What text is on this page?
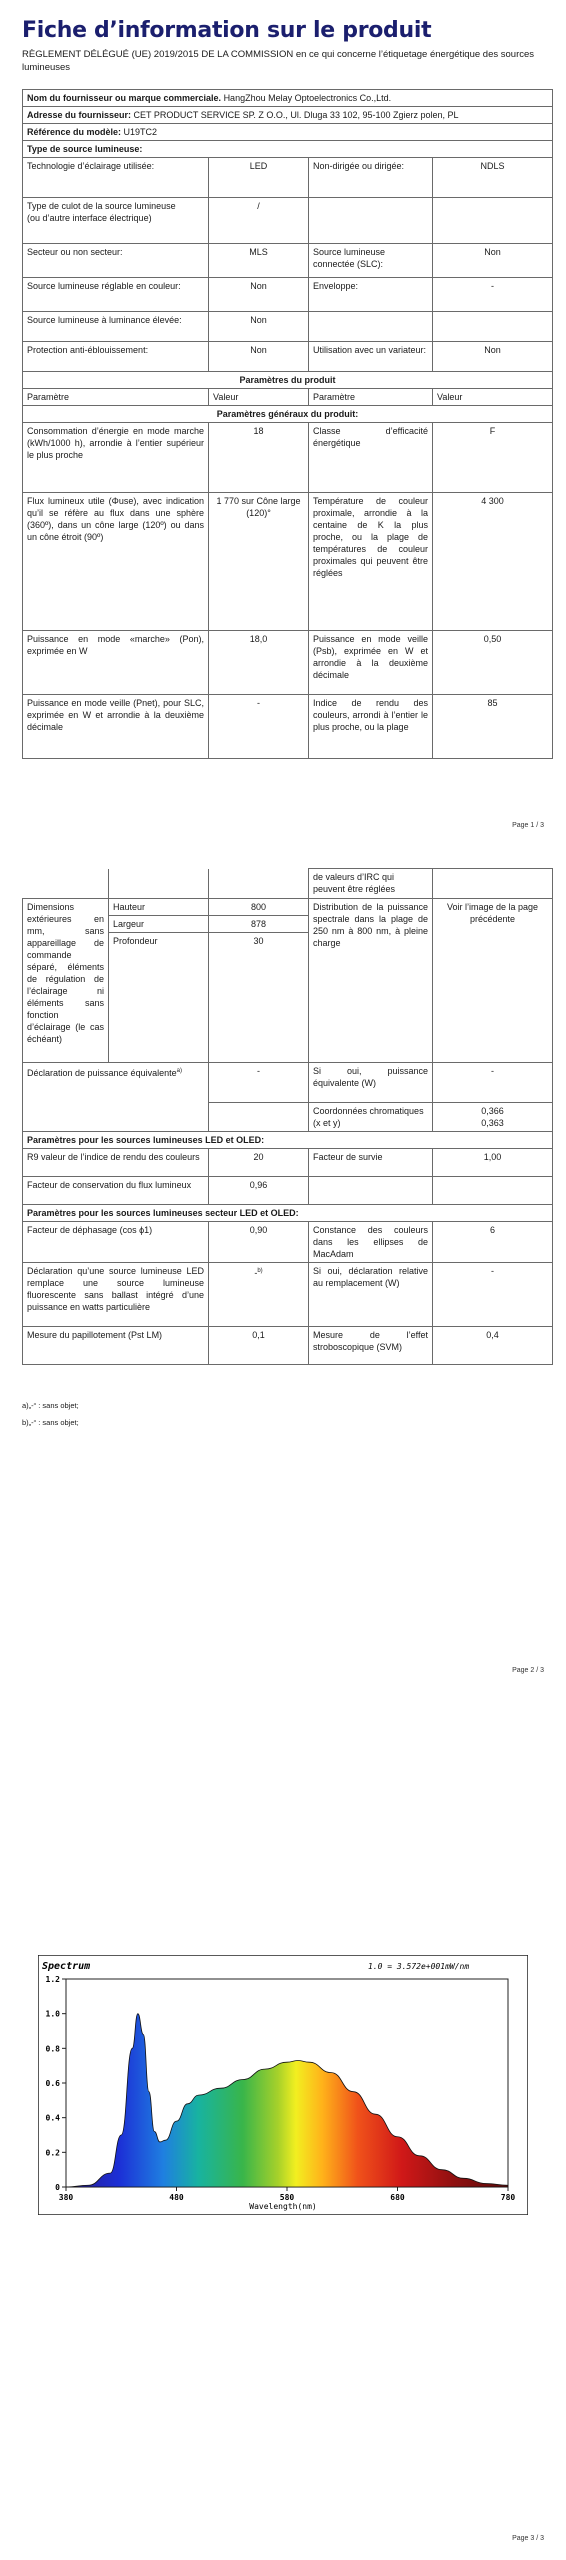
Fiche d’information sur le produit
RÈGLEMENT DÉLÉGUÉ (UE) 2019/2015 DE LA COMMISSION en ce qui concerne l’étiquetage énergétique des sources lumineuses
Nom du fournisseur ou marque commerciale. HangZhou Melay Optoelectronics Co.,Ltd.			
Adresse du fournisseur: CET PRODUCT SERVICE SP. Z O.O., Ul. Dluga 33 102, 95-100 Zgierz polen, PL			
Référence du modèle: U19TC2			
Type de source lumineuse:			
Technologie d’éclairage utilisée:	LED	Non-dirigée ou dirigée:	NDLS
Type de culot de la source lumineuse
(ou d’autre interface électrique)	/		
Secteur ou non secteur:	MLS	Source lumineuse connectée (SLC):	Non
Source lumineuse réglable en couleur:	Non	Enveloppe:	-
Source lumineuse à luminance élevée:	Non		
Protection anti-éblouissement:	Non	Utilisation avec un variateur:	Non
Paramètres du produit			
Paramètre	Valeur	Paramètre	Valeur
Paramètres généraux du produit:			
Consommation d’énergie en mode marche (kWh/1000 h), arrondie à l’entier supérieur le plus proche	18	Classe d’efficacité énergétique	F
Flux lumineux utile (Φuse), avec indication qu’il se réfère au flux dans une sphère (360º), dans un cône large (120º) ou dans un cône étroit (90º)	1 770 sur Cône large (120)°	Température de couleur proximale, arrondie à la centaine de K la plus proche, ou la plage de températures de couleur proximales qui peuvent être réglées	4 300
Puissance en mode «marche» (Pon), exprimée en W	18,0	Puissance en mode veille (Psb), exprimée en W et arrondie à la deuxième décimale	0,50
Puissance en mode veille (Pnet), pour SLC, exprimée en W et arrondie à la deuxième décimale	-	Indice de rendu des couleurs, arrondi à l’entier le plus proche, ou la plage	85
Page 1 / 3
			de valeurs d’IRC qui peuvent être réglées	
Dimensions extérieures en mm, sans appareillage de commande séparé, éléments de régulation de l’éclairage ni éléments sans fonction d’éclairage (le cas échéant)	Hauteur	800	Distribution de la puissance spectrale dans la plage de 250 nm à 800 nm, à pleine charge	Voir l’image de la page précédente
	Largeur	878		
	Profondeur	30		
Déclaration de puissance équivalente$^{a)}$		-	Si oui, puissance équivalente (W)	-
			Coordonnées chromatiques (x et y)	0,366
0,363
Paramètres pour les sources lumineuses LED et OLED:				
R9 valeur de l’indice de rendu des couleurs		20	Facteur de survie	1,00
Facteur de conservation du flux lumineux		0,96		
Paramètres pour les sources lumineuses secteur LED et OLED:				
Facteur de déphasage (cos ϕ1)		0,90	Constance des couleurs dans les ellipses de MacAdam	6
Déclaration qu’une source lumineuse LED remplace une source lumineuse fluorescente sans ballast intégré d’une puissance en watts particulière		-$^{b)}$	Si oui, déclaration relative au remplacement (W)	-
Mesure du papillotement (Pst LM)		0,1	Mesure de l’effet stroboscopique (SVM)	0,4
a)„-“ : sans objet;
b)„-“ : sans objet;
Page 2 / 3
Page 3 / 3
Spectrum	1.0 = 3.572e+001mW/nm
0
0.2
0.4
0.6
0.8
1.0
1.2
380	480	580	680	780
Wavelength(nm)
